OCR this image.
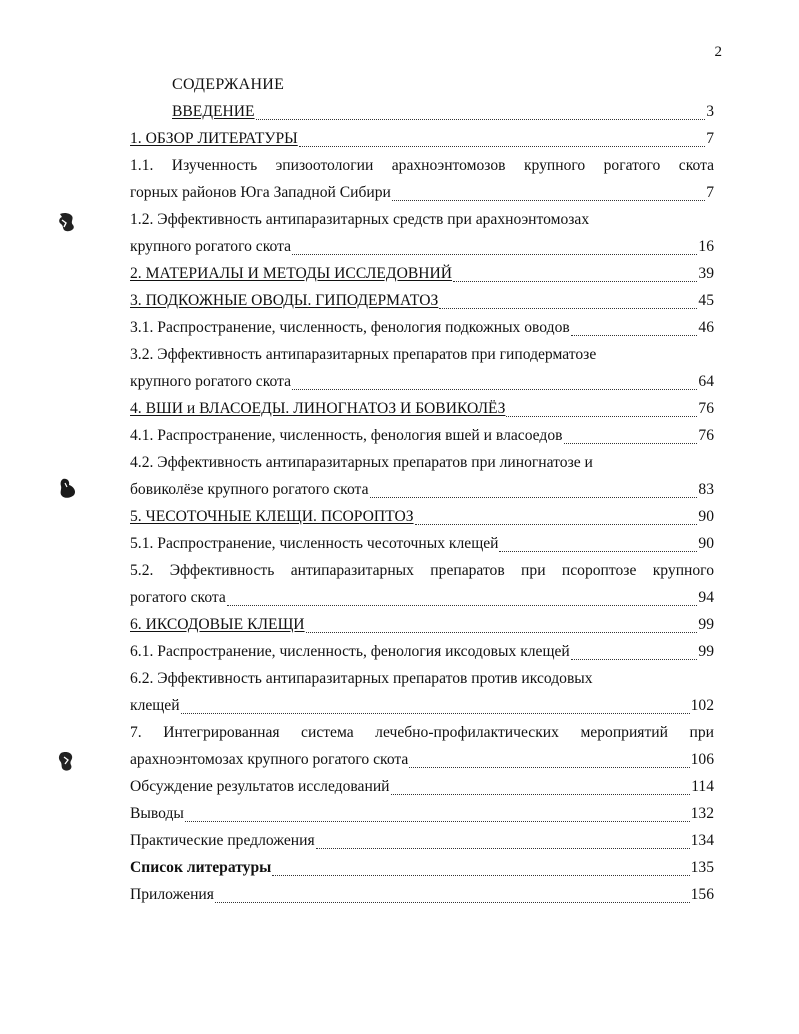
2
СОДЕРЖАНИЕ
ВВЕДЕНИЕ	3
1. ОБЗОР ЛИТЕРАТУРЫ	7
1.1. Изученность эпизоотологии арахноэнтомозов крупного рогатого скота
горных районов Юга Западной Сибири	7
1.2. Эффективность антипаразитарных средств при арахноэнтомозах
крупного рогатого скота	16
2. МАТЕРИАЛЫ И МЕТОДЫ ИССЛЕДОВНИЙ	39
3. ПОДКОЖНЫЕ ОВОДЫ. ГИПОДЕРМАТОЗ	45
3.1. Распространение, численность, фенология подкожных оводов	46
3.2. Эффективность антипаразитарных препаратов при гиподерматозе
крупного рогатого скота	64
4. ВШИ и ВЛАСОЕДЫ. ЛИНОГНАТОЗ И БОВИКОЛЁЗ	76
4.1. Распространение, численность, фенология вшей и власоедов	76
4.2. Эффективность антипаразитарных препаратов при линогнатозе и
бовиколёзе крупного рогатого скота	83
5. ЧЕСОТОЧНЫЕ КЛЕЩИ. ПСОРОПТОЗ	90
5.1. Распространение, численность чесоточных клещей	90
5.2. Эффективность антипаразитарных препаратов при псороптозе крупного
рогатого скота	94
6. ИКСОДОВЫЕ КЛЕЩИ	99
6.1. Распространение, численность, фенология иксодовых клещей	99
6.2. Эффективность антипаразитарных препаратов против иксодовых
клещей	102
7. Интегрированная система лечебно-профилактических мероприятий при
арахноэнтомозах крупного рогатого скота	106
Обсуждение результатов исследований	114
Выводы	132
Практические предложения	134
Список литературы	135
Приложения	156
